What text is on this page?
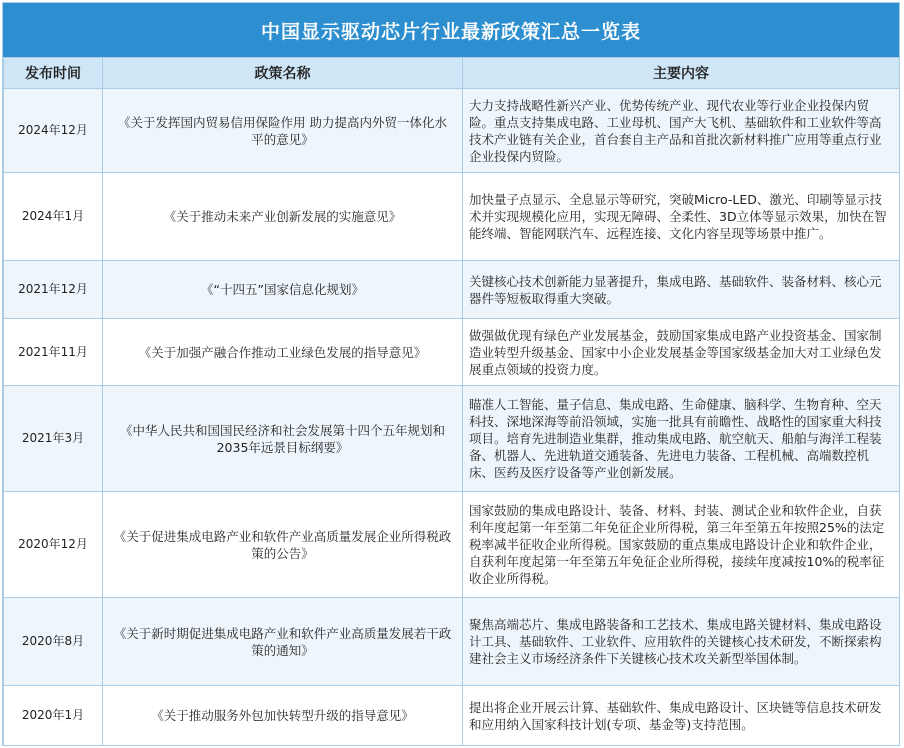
中国显示驱动芯片行业最新政策汇总一览表
发布时间	政策名称	主要内容
2024年12月	《关于发挥国内贸易信用保险作用 助力提高内外贸一体化水平的意见》	大力支持战略性新兴产业、优势传统产业、现代农业等行业企业投保内贸险。重点支持集成电路、工业母机、国产大飞机、基础软件和工业软件等高技术产业链有关企业，首台套自主产品和首批次新材料推广应用等重点行业企业投保内贸险。
2024年1月	《关于推动未来产业创新发展的实施意见》	加快量子点显示、全息显示等研究，突破Micro-LED、激光、印刷等显示技术并实现规模化应用，实现无障碍、全柔性、3D立体等显示效果，加快在智能终端、智能网联汽车、远程连接、文化内容呈现等场景中推广。
2021年12月	《“十四五”国家信息化规划》	关键核心技术创新能力显著提升，集成电路、基础软件、装备材料、核心元器件等短板取得重大突破。
2021年11月	《关于加强产融合作推动工业绿色发展的指导意见》	做强做优现有绿色产业发展基金，鼓励国家集成电路产业投资基金、国家制造业转型升级基金、国家中小企业发展基金等国家级基金加大对工业绿色发展重点领域的投资力度。
2021年3月	《中华人民共和国国民经济和社会发展第十四个五年规划和2035年远景目标纲要》	瞄准人工智能、量子信息、集成电路、生命健康、脑科学、生物育种、空天科技、深地深海等前沿领域，实施一批具有前瞻性、战略性的国家重大科技项目。培育先进制造业集群，推动集成电路、航空航天、船舶与海洋工程装备、机器人、先进轨道交通装备、先进电力装备、工程机械、高端数控机床、医药及医疗设备等产业创新发展。
2020年12月	《关于促进集成电路产业和软件产业高质量发展企业所得税政策的公告》	国家鼓励的集成电路设计、装备、材料、封装、测试企业和软件企业，自获利年度起第一年至第二年免征企业所得税，第三年至第五年按照25%的法定税率减半征收企业所得税。国家鼓励的重点集成电路设计企业和软件企业，自获利年度起第一年至第五年免征企业所得税，接续年度减按10%的税率征收企业所得税。
2020年8月	《关于新时期促进集成电路产业和软件产业高质量发展若干政策的通知》	聚焦高端芯片、集成电路装备和工艺技术、集成电路关键材料、集成电路设计工具、基础软件、工业软件、应用软件的关键核心技术研发，不断探索构建社会主义市场经济条件下关键核心技术攻关新型举国体制。
2020年1月	《关于推动服务外包加快转型升级的指导意见》	提出将企业开展云计算、基础软件、集成电路设计、区块链等信息技术研发和应用纳入国家科技计划(专项、基金等)支持范围。
